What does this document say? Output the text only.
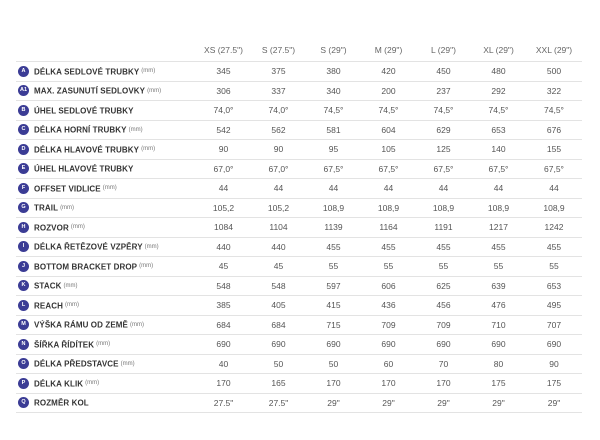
	XS (27.5")	S (27.5")	S (29")	M (29")	L (29")	XL (29")	XXL (29")
A DÉLKA SEDLOVÉ TRUBKY (mm)	345	375	380	420	450	480	500
A1 MAX. ZASUNUTÍ SEDLOVKY (mm)	306	337	340	200	237	292	322
B ÚHEL SEDLOVÉ TRUBKY	74,0°	74,0°	74,5°	74,5°	74,5°	74,5°	74,5°
C DÉLKA HORNÍ TRUBKY (mm)	542	562	581	604	629	653	676
D DÉLKA HLAVOVÉ TRUBKY (mm)	90	90	95	105	125	140	155
E ÚHEL HLAVOVÉ TRUBKY	67,0°	67,0°	67,5°	67,5°	67,5°	67,5°	67,5°
F OFFSET VIDLICE (mm)	44	44	44	44	44	44	44
G TRAIL (mm)	105,2	105,2	108,9	108,9	108,9	108,9	108,9
H ROZVOR (mm)	1084	1104	1139	1164	1191	1217	1242
I DÉLKA ŘETĚZOVÉ VZPĚRY (mm)	440	440	455	455	455	455	455
J BOTTOM BRACKET DROP (mm)	45	45	55	55	55	55	55
K STACK (mm)	548	548	597	606	625	639	653
L REACH (mm)	385	405	415	436	456	476	495
M VÝŠKA RÁMU OD ZEMĚ (mm)	684	684	715	709	709	710	707
N ŠÍŘKA ŘÍDÍTEK (mm)	690	690	690	690	690	690	690
O DÉLKA PŘEDSTAVCE (mm)	40	50	50	60	70	80	90
P DÉLKA KLIK (mm)	170	165	170	170	170	175	175
Q ROZMĚR KOL	27.5"	27.5"	29"	29"	29"	29"	29"
